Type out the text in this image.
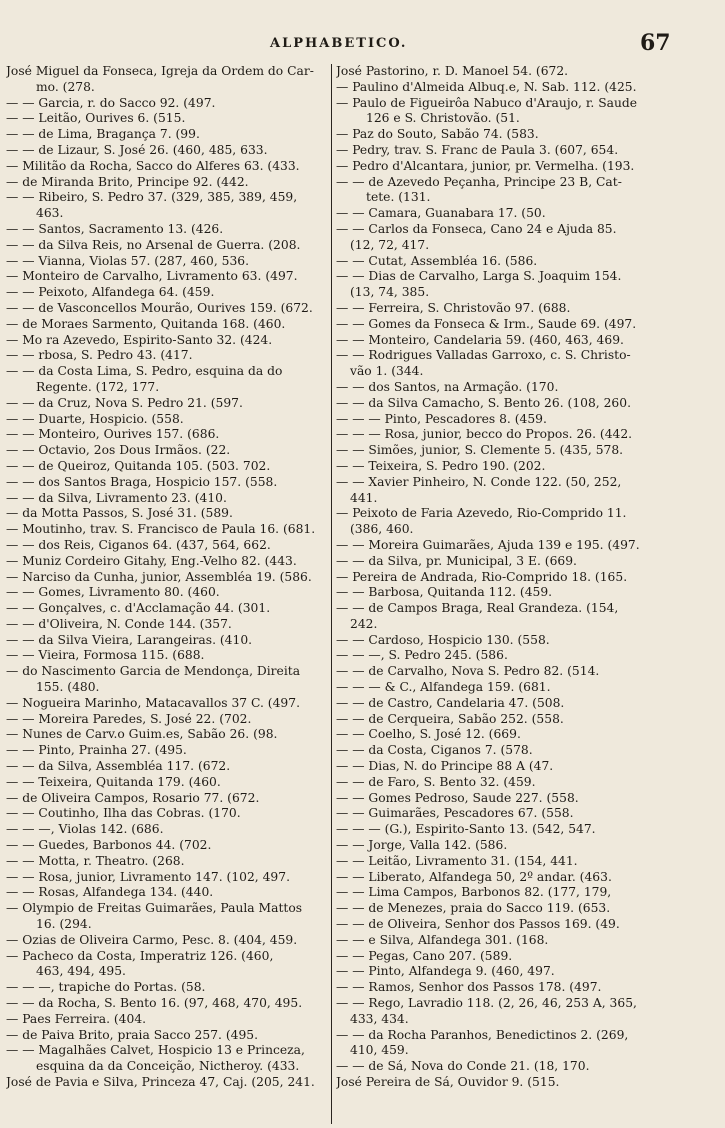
ALPHABETICO.	67
José Miguel da Fonseca, Igreja da Ordem do Car-
mo. (278.
— — Garcia, r. do Sacco 92. (497.
— — Leitão, Ourives 6. (515.
— — de Lima, Bragança 7. (99.
— — de Lizaur, S. José 26. (460, 485, 633.
— Militão da Rocha, Sacco do Alferes 63. (433.
— de Miranda Brito, Principe 92. (442.
— — Ribeiro, S. Pedro 37. (329, 385, 389, 459,
463.
— — Santos, Sacramento 13. (426.
— — da Silva Reis, no Arsenal de Guerra. (208.
— — Vianna, Violas 57. (287, 460, 536.
— Monteiro de Carvalho, Livramento 63. (497.
— — Peixoto, Alfandega 64. (459.
— — de Vasconcellos Mourão, Ourives 159. (672.
— de Moraes Sarmento, Quitanda 168. (460.
— Mo ra Azevedo, Espirito-Santo 32. (424.
— — rbosa, S. Pedro 43. (417.
— — da Costa Lima, S. Pedro, esquina da do
Regente. (172, 177.
— — da Cruz, Nova S. Pedro 21. (597.
— — Duarte, Hospicio. (558.
— — Monteiro, Ourives 157. (686.
— — Octavio, 2os Dous Irmãos. (22.
— — de Queiroz, Quitanda 105. (503. 702.
— — dos Santos Braga, Hospicio 157. (558.
— — da Silva, Livramento 23. (410.
— da Motta Passos, S. José 31. (589.
— Moutinho, trav. S. Francisco de Paula 16. (681.
— — dos Reis, Ciganos 64. (437, 564, 662.
— Muniz Cordeiro Gitahy, Eng.-Velho 82. (443.
— Narciso da Cunha, junior, Assembléa 19. (586.
— — Gomes, Livramento 80. (460.
— — Gonçalves, c. d'Acclamação 44. (301.
— — d'Oliveira, N. Conde 144. (357.
— — da Silva Vieira, Larangeiras. (410.
— — Vieira, Formosa 115. (688.
— do Nascimento Garcia de Mendonça, Direita
155. (480.
— Nogueira Marinho, Matacavallos 37 C. (497.
— — Moreira Paredes, S. José 22. (702.
— Nunes de Carv.o Guim.es, Sabão 26. (98.
— — Pinto, Prainha 27. (495.
— — da Silva, Assembléa 117. (672.
— — Teixeira, Quitanda 179. (460.
— de Oliveira Campos, Rosario 77. (672.
— — Coutinho, Ilha das Cobras. (170.
— — —, Violas 142. (686.
— — Guedes, Barbonos 44. (702.
— — Motta, r. Theatro. (268.
— — Rosa, junior, Livramento 147. (102, 497.
— — Rosas, Alfandega 134. (440.
— Olympio de Freitas Guimarães, Paula Mattos
16. (294.
— Ozias de Oliveira Carmo, Pesc. 8. (404, 459.
— Pacheco da Costa, Imperatriz 126. (460,
463, 494, 495.
— — —, trapiche do Portas. (58.
— — da Rocha, S. Bento 16. (97, 468, 470, 495.
— Paes Ferreira. (404.
— de Paiva Brito, praia Sacco 257. (495.
— — Magalhães Calvet, Hospicio 13 e Princeza,
esquina da da Conceição, Nictheroy. (433.
José de Pavia e Silva, Princeza 47, Caj. (205, 241.
José Pastorino, r. D. Manoel 54. (672.
— Paulino d'Almeida Albuq.e, N. Sab. 112. (425.
— Paulo de Figueirôa Nabuco d'Araujo, r. Saude
126 e S. Christovão. (51.
— Paz do Souto, Sabão 74. (583.
— Pedry, trav. S. Franc de Paula 3. (607, 654.
— Pedro d'Alcantara, junior, pr. Vermelha. (193.
— — de Azevedo Peçanha, Principe 23 B, Cat-
tete. (131.
— — Camara, Guanabara 17. (50.
— — Carlos da Fonseca, Cano 24 e Ajuda 85.
(12, 72, 417.
— — Cutat, Assembléa 16. (586.
— — Dias de Carvalho, Larga S. Joaquim 154.
(13, 74, 385.
— — Ferreira, S. Christovão 97. (688.
— — Gomes da Fonseca & Irm., Saude 69. (497.
— — Monteiro, Candelaria 59. (460, 463, 469.
— — Rodrigues Valladas Garroxo, c. S. Christo-
vão 1. (344.
— — dos Santos, na Armação. (170.
— — da Silva Camacho, S. Bento 26. (108, 260.
— — — Pinto, Pescadores 8. (459.
— — — Rosa, junior, becco do Propos. 26. (442.
— — Simões, junior, S. Clemente 5. (435, 578.
— — Teixeira, S. Pedro 190. (202.
— — Xavier Pinheiro, N. Conde 122. (50, 252,
441.
— Peixoto de Faria Azevedo, Rio-Comprido 11.
(386, 460.
— — Moreira Guimarães, Ajuda 139 e 195. (497.
— — da Silva, pr. Municipal, 3 E. (669.
— Pereira de Andrada, Rio-Comprido 18. (165.
— — Barbosa, Quitanda 112. (459.
— — de Campos Braga, Real Grandeza. (154,
242.
— — Cardoso, Hospicio 130. (558.
— — —, S. Pedro 245. (586.
— — de Carvalho, Nova S. Pedro 82. (514.
— — — & C., Alfandega 159. (681.
— — de Castro, Candelaria 47. (508.
— — de Cerqueira, Sabão 252. (558.
— — Coelho, S. José 12. (669.
— — da Costa, Ciganos 7. (578.
— — Dias, N. do Principe 88 A (47.
— — de Faro, S. Bento 32. (459.
— — Gomes Pedroso, Saude 227. (558.
— — Guimarães, Pescadores 67. (558.
— — — (G.), Espirito-Santo 13. (542, 547.
— — Jorge, Valla 142. (586.
— — Leitão, Livramento 31. (154, 441.
— — Liberato, Alfandega 50, 2º andar. (463.
— — Lima Campos, Barbonos 82. (177, 179,
— — de Menezes, praia do Sacco 119. (653.
— — de Oliveira, Senhor dos Passos 169. (49.
— — e Silva, Alfandega 301. (168.
— — Pegas, Cano 207. (589.
— — Pinto, Alfandega 9. (460, 497.
— — Ramos, Senhor dos Passos 178. (497.
— — Rego, Lavradio 118. (2, 26, 46, 253 A, 365,
433, 434.
— — da Rocha Paranhos, Benedictinos 2. (269,
410, 459.
— — de Sá, Nova do Conde 21. (18, 170.
José Pereira de Sá, Ouvidor 9. (515.
